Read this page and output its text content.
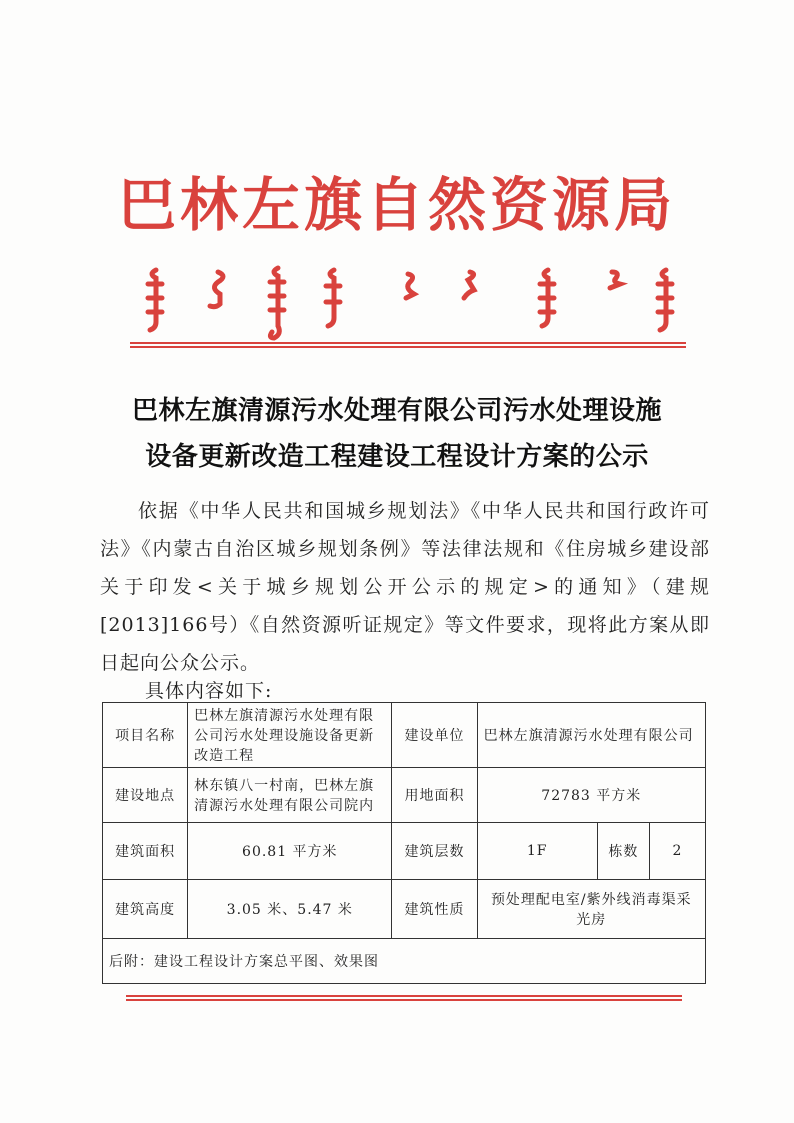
巴林左旗自然资源局
巴林左旗清源污水处理有限公司污水处理设施
设备更新改造工程建设工程设计方案的公示

依据《中华人民共和国城乡规划法》《中华人民共和国行政许可法》《内蒙古自治区城乡规划条例》等法律法规和《住房城乡建设部关于印发<关于城乡规划公开公示的规定>的通知》（建规[2013]166号）《自然资源听证规定》等文件要求，现将此方案从即日起向公众公示。

具体内容如下:
项目名称	巴林左旗清源污水处理有限公司污水处理设施设备更新改造工程	建设单位	巴林左旗清源污水处理有限公司		
建设地点	林东镇八一村南，巴林左旗清源污水处理有限公司院内	用地面积	72783 平方米		
建筑面积	60.81 平方米	建筑层数	1F	栋数	2
建筑高度	3.05 米、5.47 米	建筑性质	预处理配电室/紫外线消毒渠采光房		
后附：建设工程设计方案总平图、效果图					
